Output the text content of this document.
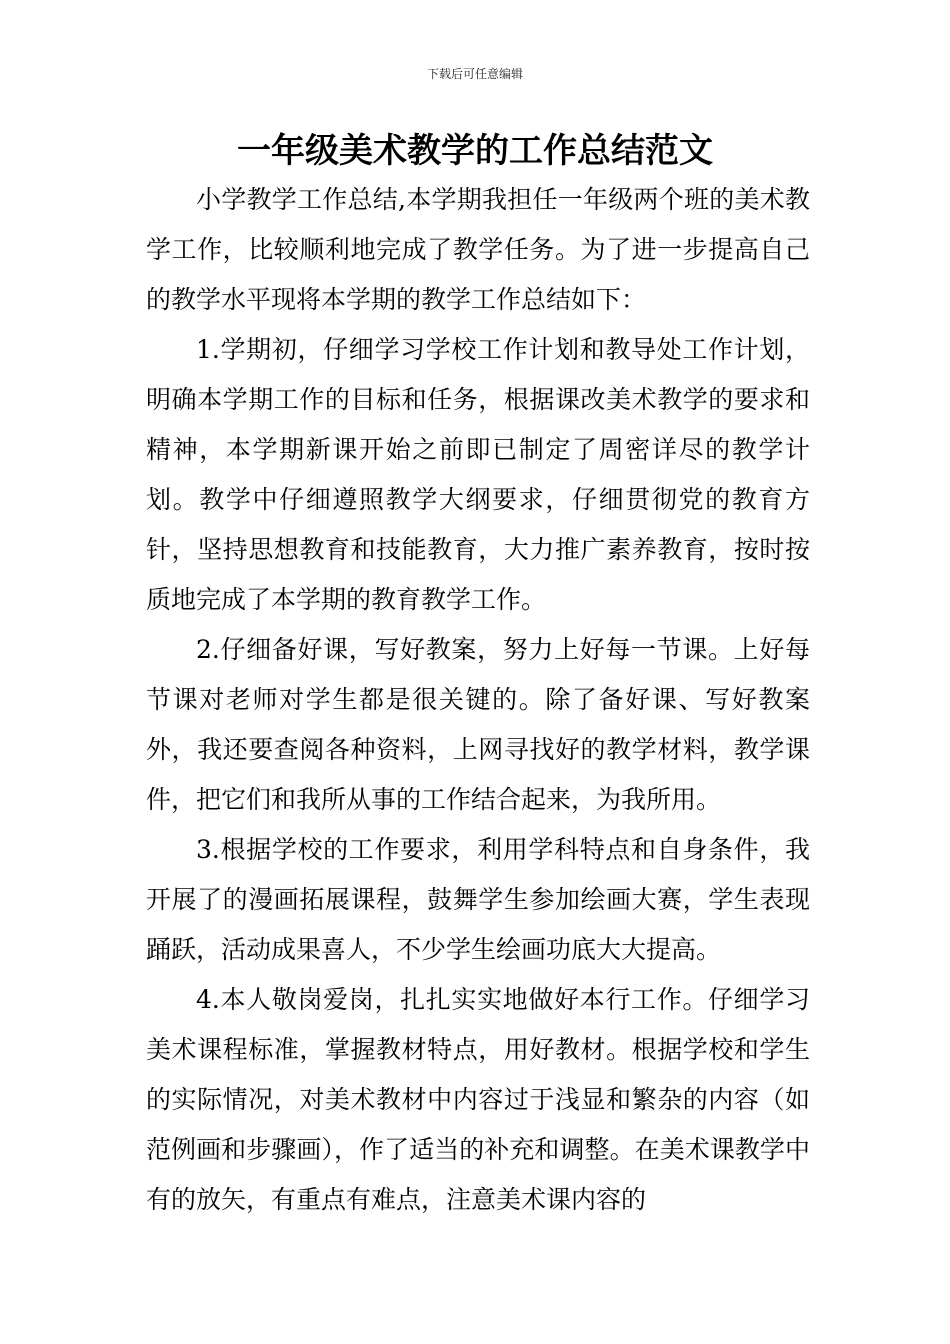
下载后可任意编辑
一年级美术教学的工作总结范文

小学教学工作总结,本学期我担任一年级两个班的美术教学工作，比较顺利地完成了教学任务。为了进一步提高自己的教学水平现将本学期的教学工作总结如下：

1.学期初，仔细学习学校工作计划和教导处工作计划，明确本学期工作的目标和任务，根据课改美术教学的要求和精神，本学期新课开始之前即已制定了周密详尽的教学计划。教学中仔细遵照教学大纲要求，仔细贯彻党的教育方针，坚持思想教育和技能教育，大力推广素养教育，按时按质地完成了本学期的教育教学工作。

2.仔细备好课，写好教案，努力上好每一节课。上好每节课对老师对学生都是很关键的。除了备好课、写好教案外，我还要查阅各种资料，上网寻找好的教学材料，教学课件，把它们和我所从事的工作结合起来，为我所用。

3.根据学校的工作要求，利用学科特点和自身条件，我开展了的漫画拓展课程，鼓舞学生参加绘画大赛，学生表现踊跃，活动成果喜人，不少学生绘画功底大大提高。

4.本人敬岗爱岗，扎扎实实地做好本行工作。仔细学习美术课程标准，掌握教材特点，用好教材。根据学校和学生的实际情况，对美术教材中内容过于浅显和繁杂的内容（如范例画和步骤画），作了适当的补充和调整。在美术课教学中有的放矢，有重点有难点，注意美术课内容的
